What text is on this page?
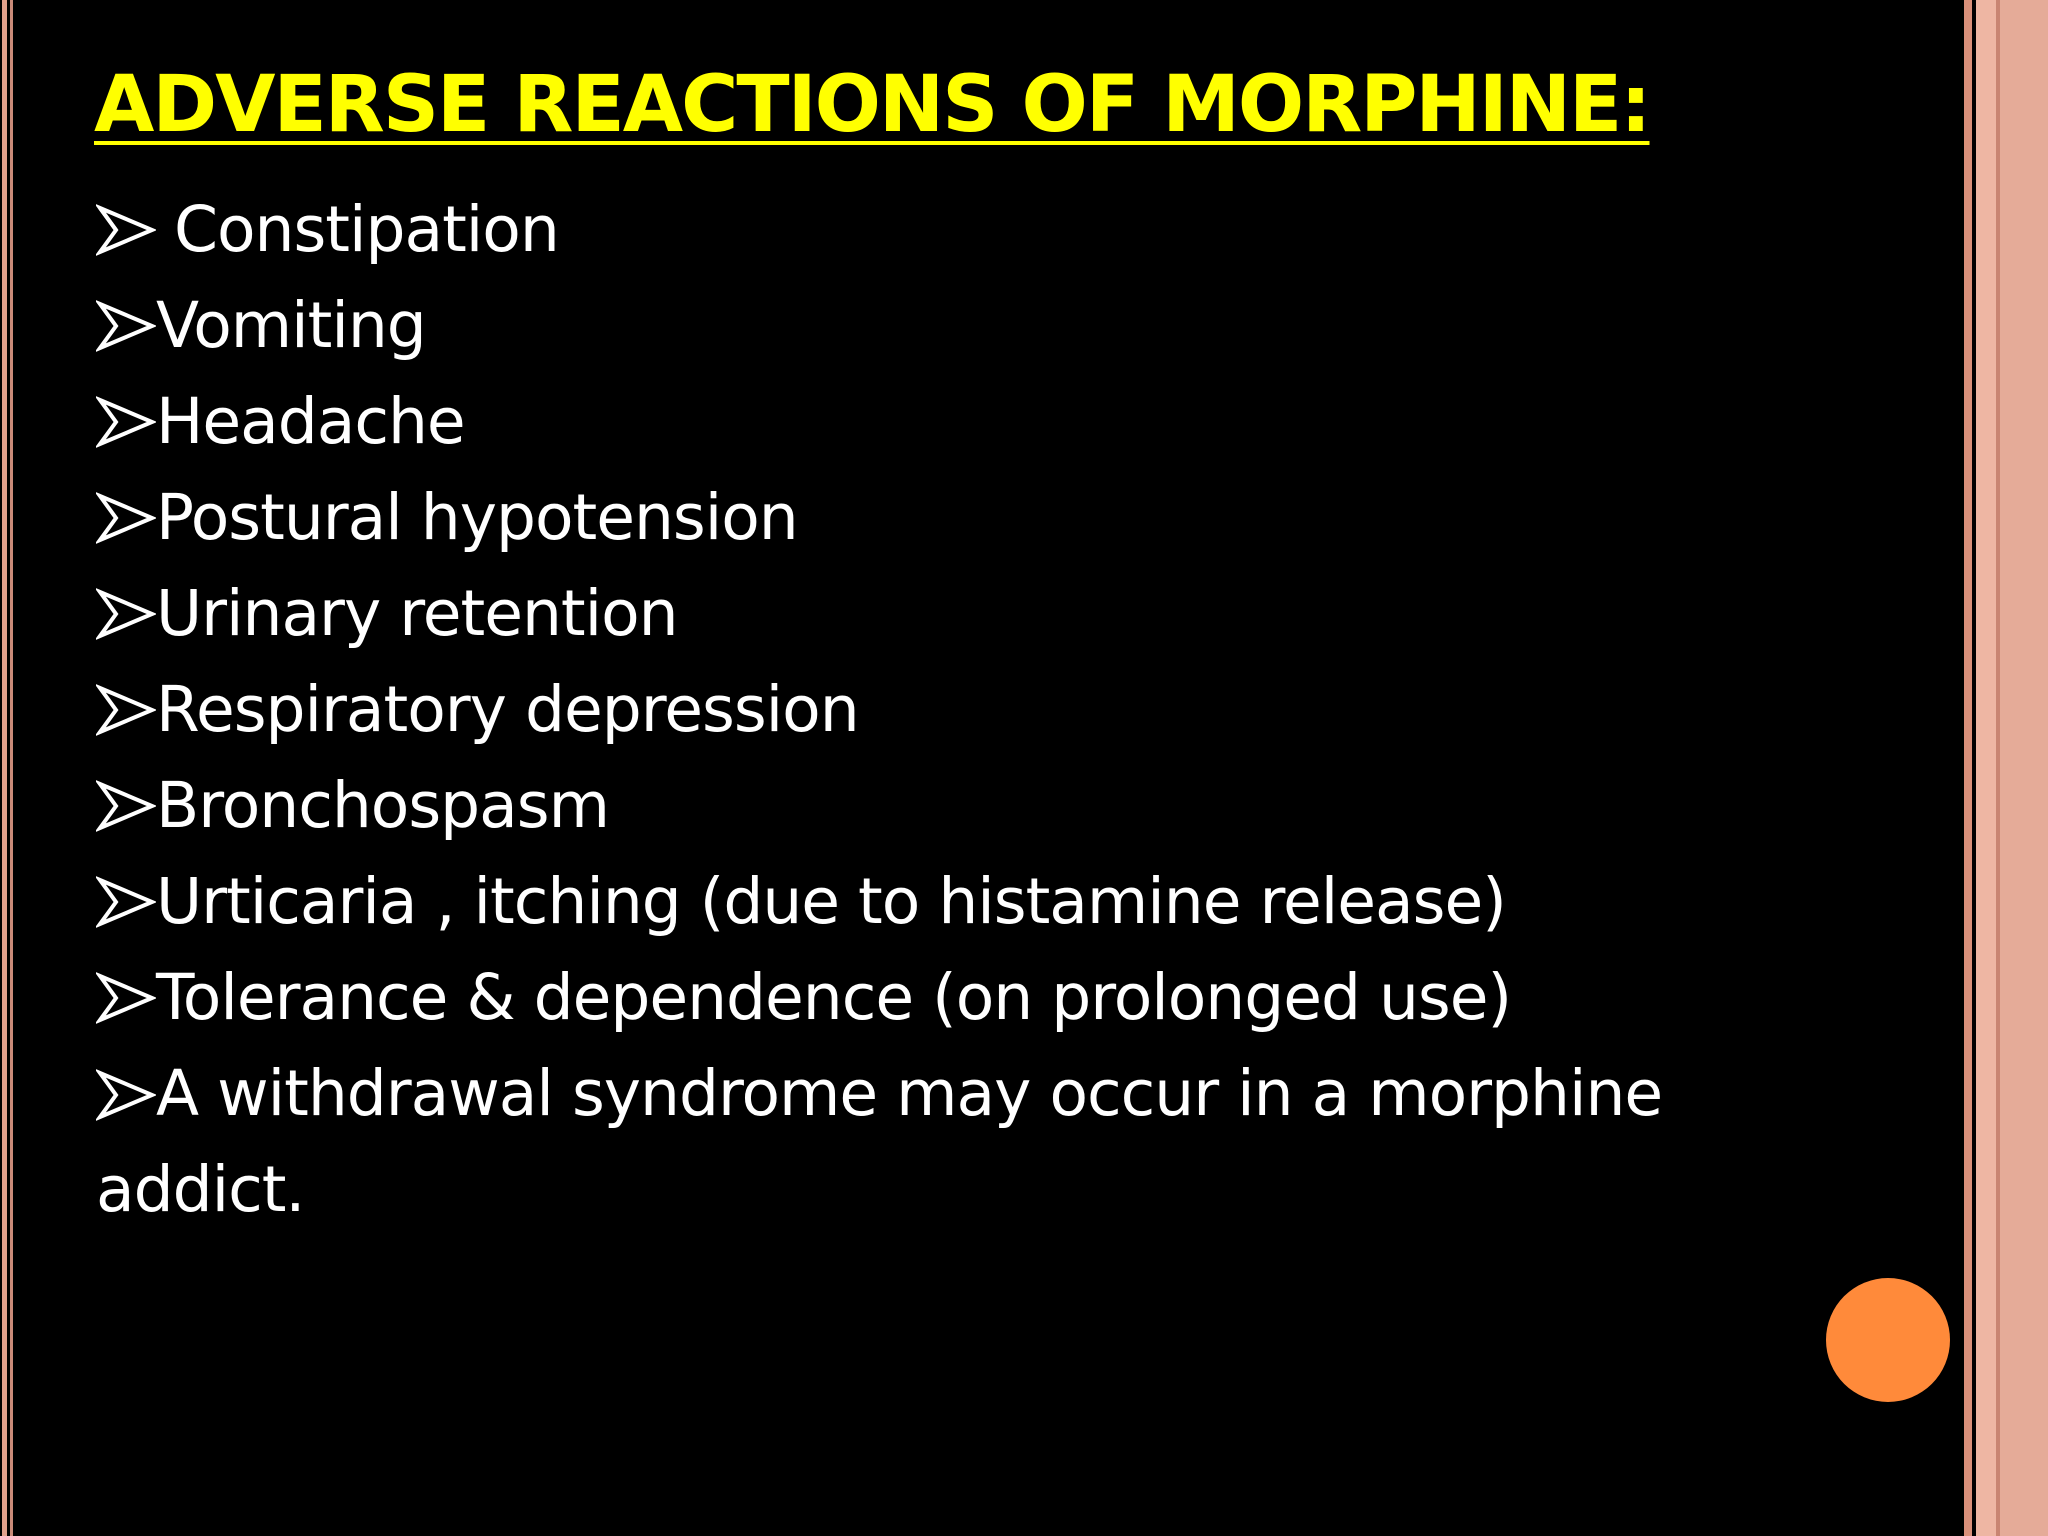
ADVERSE REACTIONS OF MORPHINE:
Constipation
Vomiting
Headache
Postural hypotension
Urinary retention
Respiratory depression
Bronchospasm
Urticaria , itching (due to histamine release)
Tolerance & dependence (on prolonged use)
A withdrawal syndrome may occur in a morphine addict.
